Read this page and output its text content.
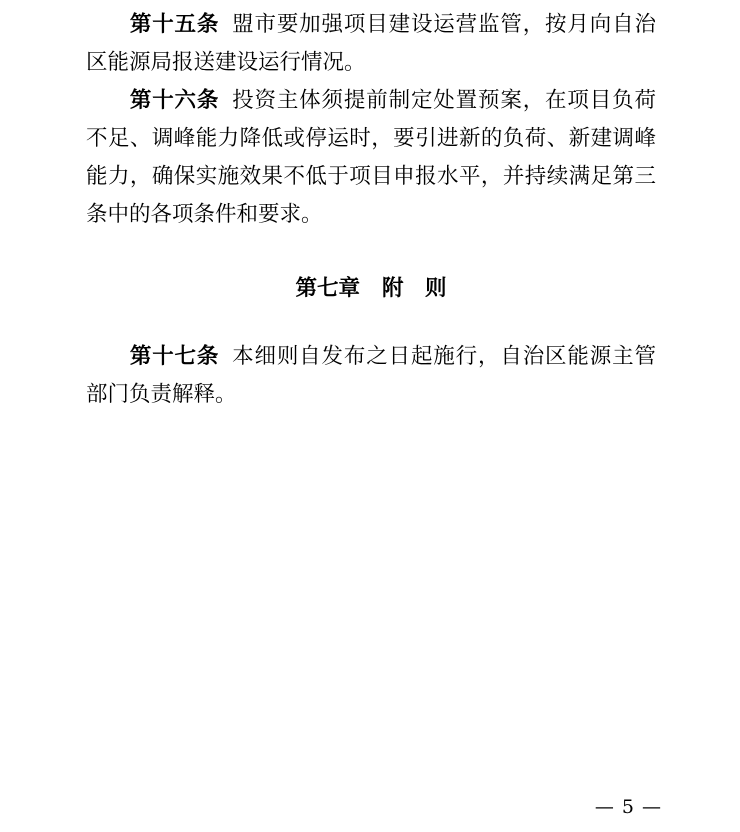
第十五条 盟市要加强项目建设运营监管，按月向自治区能源局报送建设运行情况。

第十六条 投资主体须提前制定处置预案，在项目负荷不足、调峰能力降低或停运时，要引进新的负荷、新建调峰能力，确保实施效果不低于项目申报水平，并持续满足第三条中的各项条件和要求。

第七章 附　则

第十七条 本细则自发布之日起施行，自治区能源主管部门负责解释。

— 5 —
